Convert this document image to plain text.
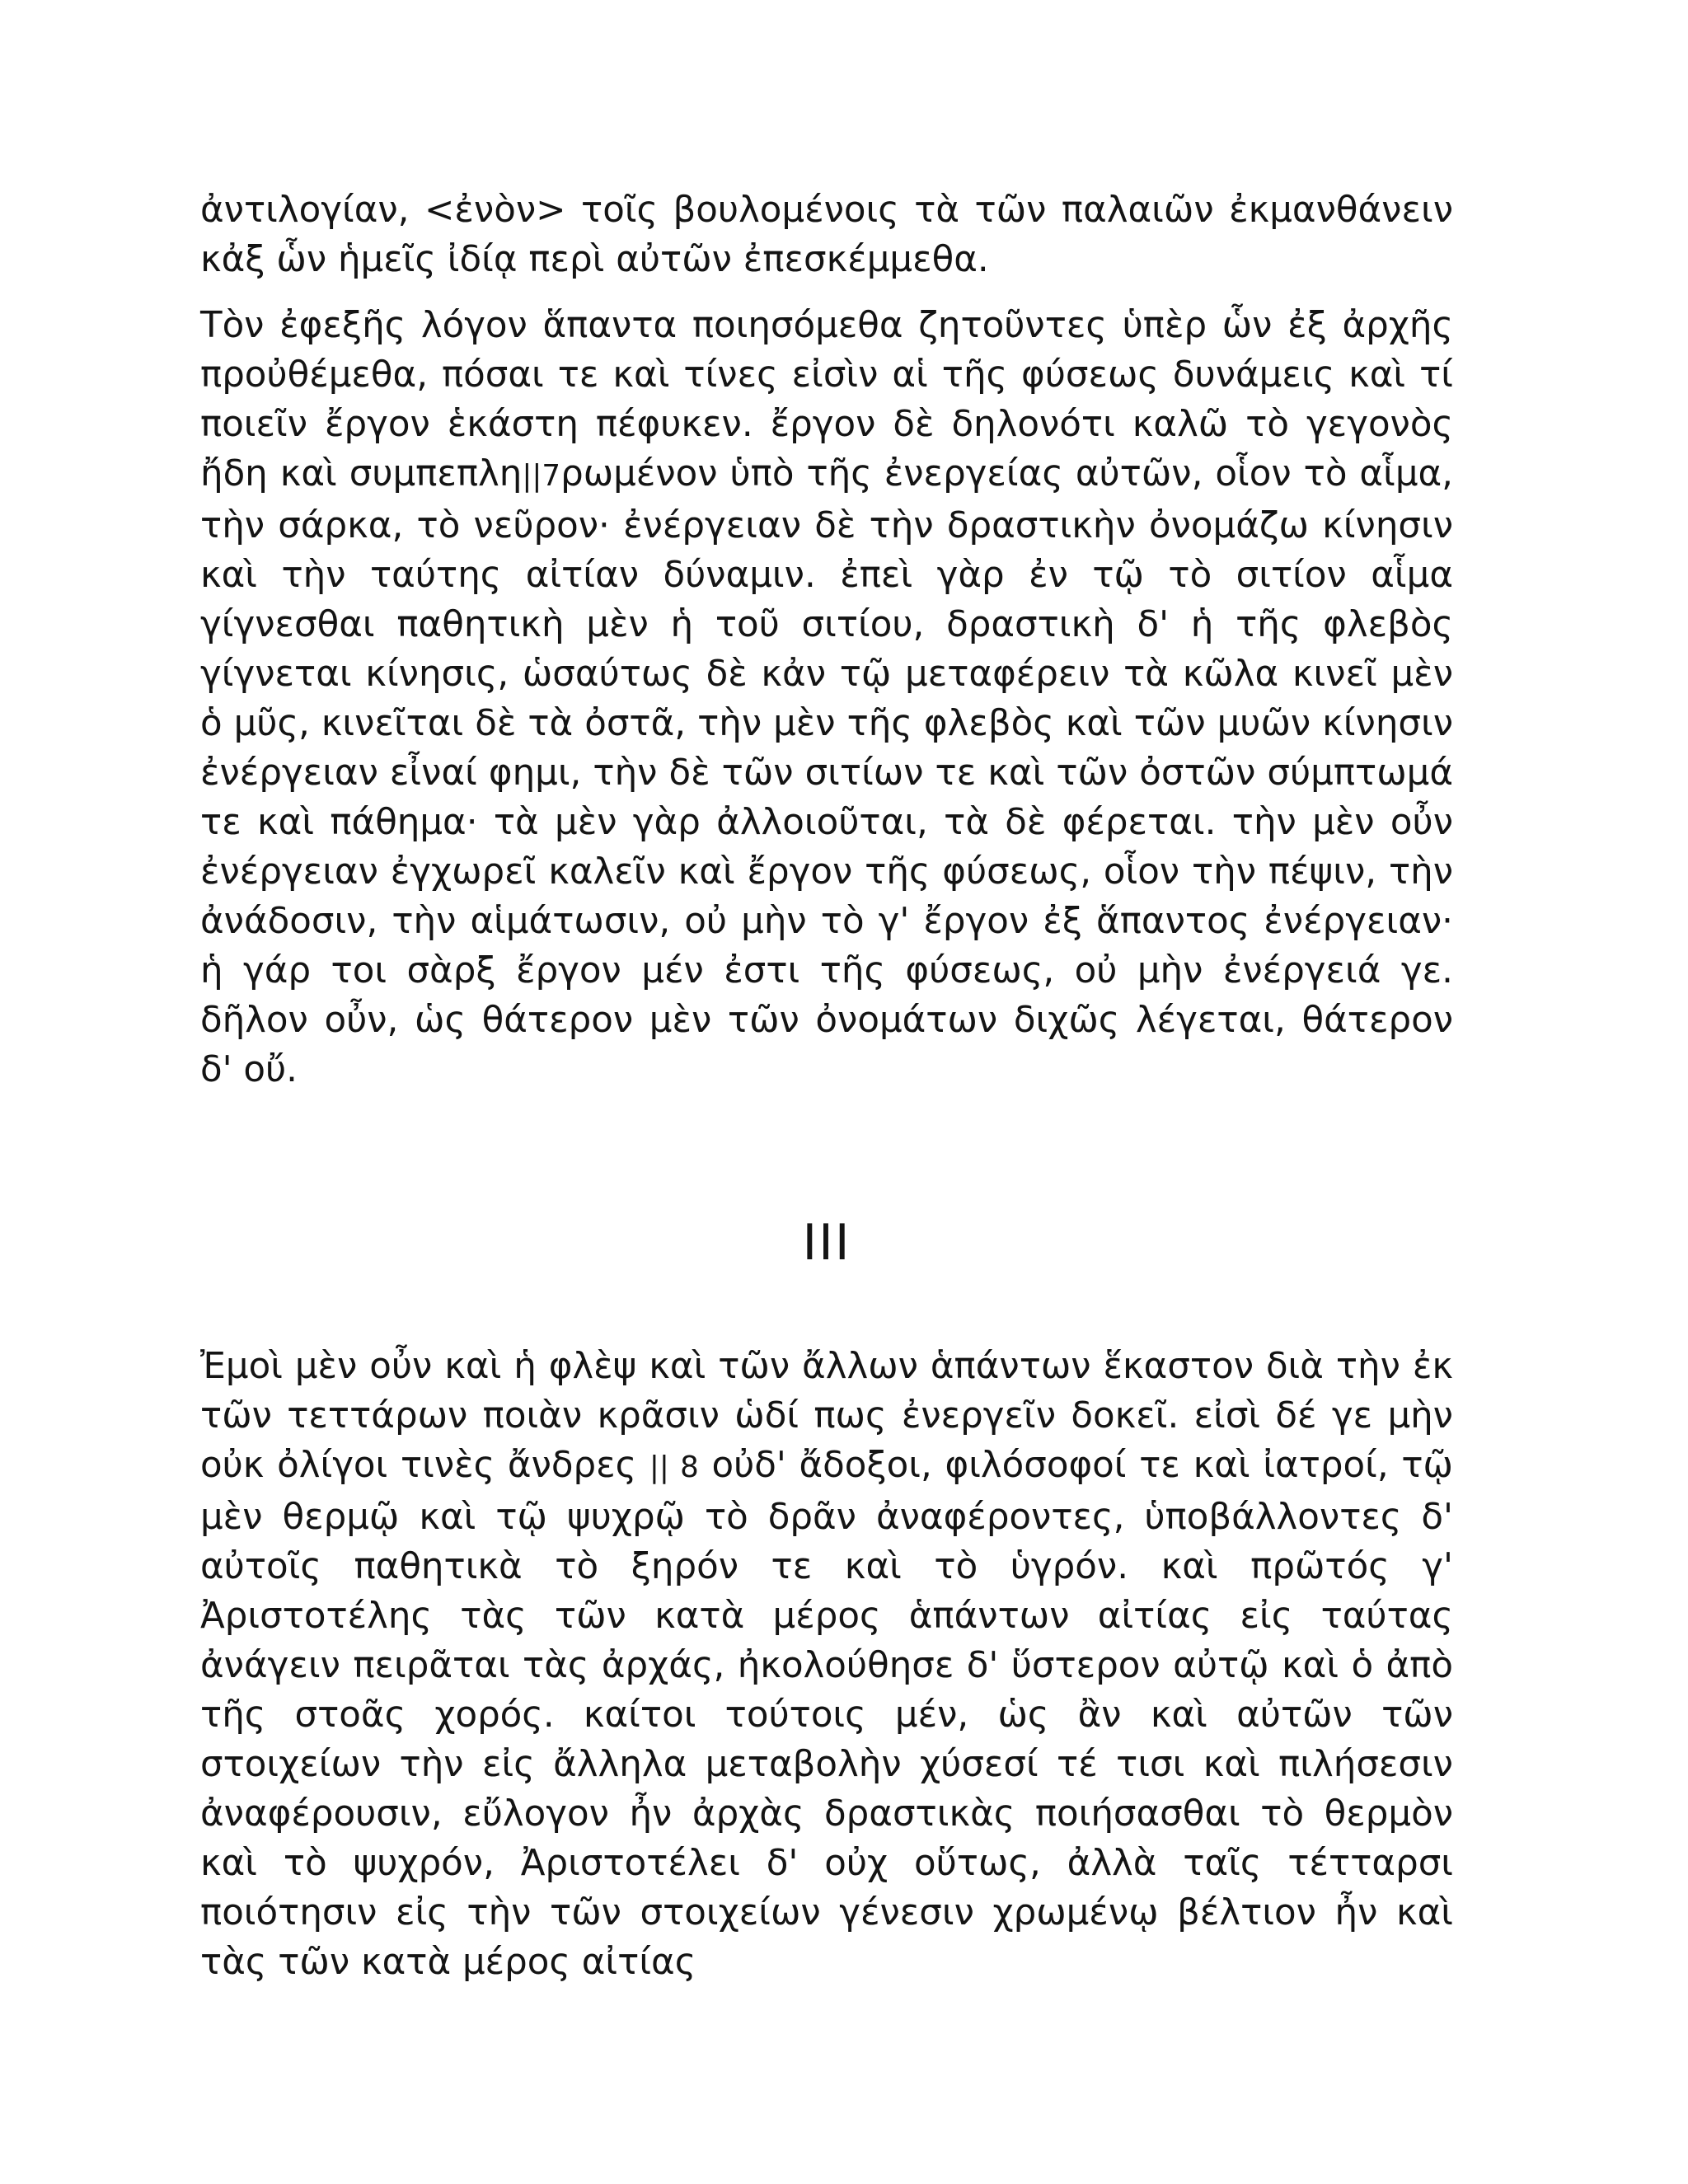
ἀντιλογίαν, <ἐνὸν> τοῖς βουλομένοις τὰ τῶν παλαιῶν ἐκμανθάνειν κἀξ ὧν ἡμεῖς ἰδίᾳ περὶ αὐτῶν ἐπεσκέμμεθα.

Τὸν ἐφεξῆς λόγον ἅπαντα ποιησόμεθα ζητοῦντες ὑπὲρ ὧν ἐξ ἀρχῆς προὐθέμεθα, πόσαι τε καὶ τίνες εἰσὶν αἱ τῆς φύσεως δυνάμεις καὶ τί ποιεῖν ἔργον ἑκάστη πέφυκεν. ἔργον δὲ δηλονότι καλῶ τὸ γεγονὸς ἤδη καὶ συμπεπλη||7ρωμένον ὑπὸ τῆς ἐνεργείας αὐτῶν, οἷον τὸ αἷμα, τὴν σάρκα, τὸ νεῦρον· ἐνέργειαν δὲ τὴν δραστικὴν ὀνομάζω κίνησιν καὶ τὴν ταύτης αἰτίαν δύναμιν. ἐπεὶ γὰρ ἐν τῷ τὸ σιτίον αἷμα γίγνεσθαι παθητικὴ μὲν ἡ τοῦ σιτίου, δραστικὴ δ' ἡ τῆς φλεβὸς γίγνεται κίνησις, ὡσαύτως δὲ κἀν τῷ μεταφέρειν τὰ κῶλα κινεῖ μὲν ὁ μῦς, κινεῖται δὲ τὰ ὀστᾶ, τὴν μὲν τῆς φλεβὸς καὶ τῶν μυῶν κίνησιν ἐνέργειαν εἶναί φημι, τὴν δὲ τῶν σιτίων τε καὶ τῶν ὀστῶν σύμπτωμά τε καὶ πάθημα· τὰ μὲν γὰρ ἀλλοιοῦται, τὰ δὲ φέρεται. τὴν μὲν οὖν ἐνέργειαν ἐγχωρεῖ καλεῖν καὶ ἔργον τῆς φύσεως, οἷον τὴν πέψιν, τὴν ἀνάδοσιν, τὴν αἱμάτωσιν, οὐ μὴν τὸ γ' ἔργον ἐξ ἅπαντος ἐνέργειαν· ἡ γάρ τοι σὰρξ ἔργον μέν ἐστι τῆς φύσεως, οὐ μὴν ἐνέργειά γε. δῆλον οὖν, ὡς θάτερον μὲν τῶν ὀνομάτων διχῶς λέγεται, θάτερον δ' οὔ.

III

Ἐμοὶ μὲν οὖν καὶ ἡ φλὲψ καὶ τῶν ἄλλων ἁπάντων ἕκαστον διὰ τὴν ἐκ τῶν τεττάρων ποιὰν κρᾶσιν ὡδί πως ἐνεργεῖν δοκεῖ. εἰσὶ δέ γε μὴν οὐκ ὀλίγοι τινὲς ἄνδρες || 8 οὐδ' ἄδοξοι, φιλόσοφοί τε καὶ ἰατροί, τῷ μὲν θερμῷ καὶ τῷ ψυχρῷ τὸ δρᾶν ἀναφέροντες, ὑποβάλλοντες δ' αὐτοῖς παθητικὰ τὸ ξηρόν τε καὶ τὸ ὑγρόν. καὶ πρῶτός γ' Ἀριστοτέλης τὰς τῶν κατὰ μέρος ἁπάντων αἰτίας εἰς ταύτας ἀνάγειν πειρᾶται τὰς ἀρχάς, ἠκολούθησε δ' ὕστερον αὐτῷ καὶ ὁ ἀπὸ τῆς στοᾶς χορός. καίτοι τούτοις μέν, ὡς ἂν καὶ αὐτῶν τῶν στοιχείων τὴν εἰς ἄλληλα μεταβολὴν χύσεσί τέ τισι καὶ πιλήσεσιν ἀναφέρουσιν, εὔλογον ἦν ἀρχὰς δραστικὰς ποιήσασθαι τὸ θερμὸν καὶ τὸ ψυχρόν, Ἀριστοτέλει δ' οὐχ οὕτως, ἀλλὰ ταῖς τέτταρσι ποιότησιν εἰς τὴν τῶν στοιχείων γένεσιν χρωμένῳ βέλτιον ἦν καὶ τὰς τῶν κατὰ μέρος αἰτίας
